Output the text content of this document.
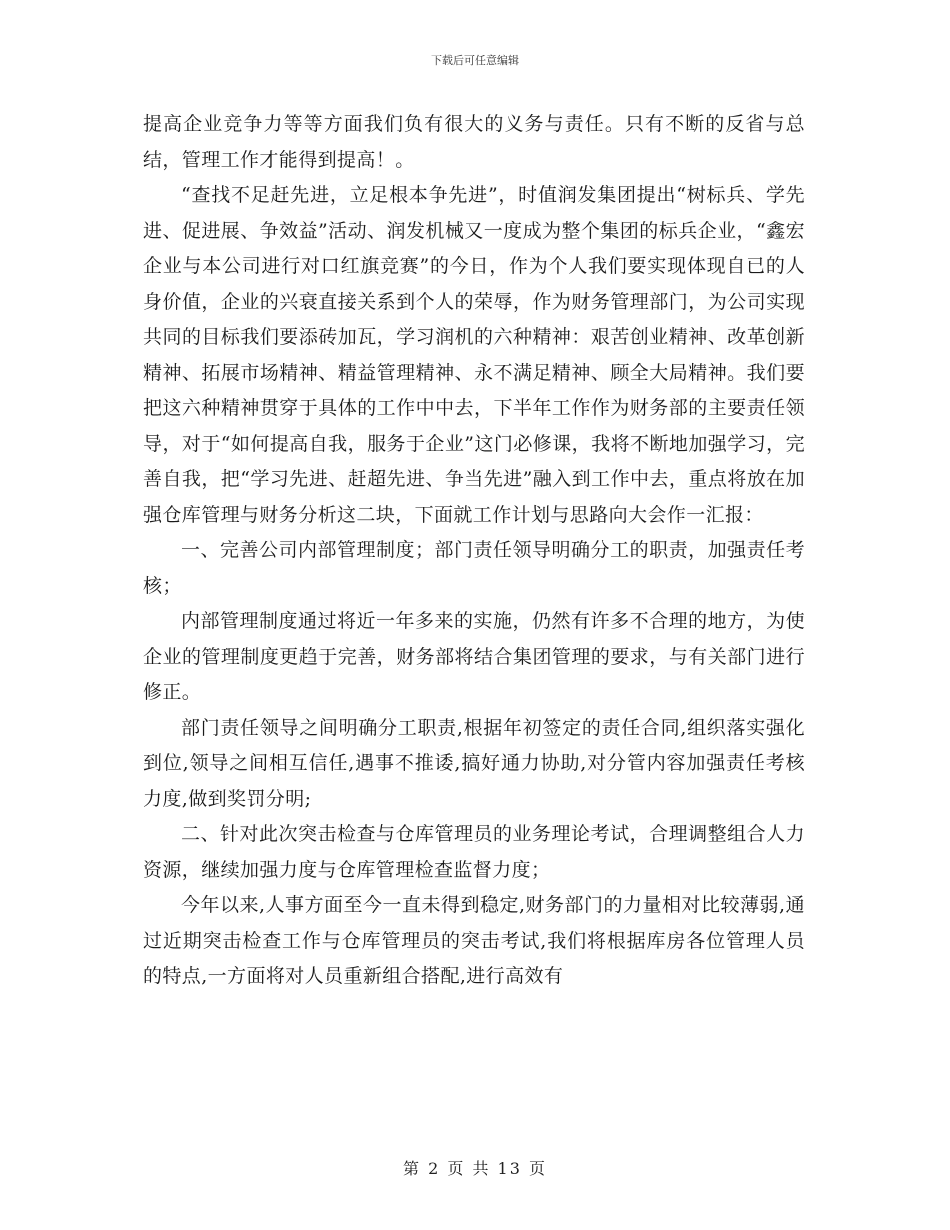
下载后可任意编辑

提高企业竞争力等等方面我们负有很大的义务与责任。只有不断的反省与总结，管理工作才能得到提高！。

“查找不足赶先进，立足根本争先进”，时值润发集团提出“树标兵、学先进、促进展、争效益”活动、润发机械又一度成为整个集团的标兵企业，“鑫宏企业与本公司进行对口红旗竞赛”的今日，作为个人我们要实现体现自已的人身价值，企业的兴衰直接关系到个人的荣辱，作为财务管理部门，为公司实现共同的目标我们要添砖加瓦，学习润机的六种精神：艰苦创业精神、改革创新精神、拓展市场精神、精益管理精神、永不满足精神、顾全大局精神。我们要把这六种精神贯穿于具体的工作中中去，下半年工作作为财务部的主要责任领导，对于“如何提高自我，服务于企业”这门必修课，我将不断地加强学习，完善自我，把“学习先进、赶超先进、争当先进”融入到工作中去，重点将放在加强仓库管理与财务分析这二块，下面就工作计划与思路向大会作一汇报：

一、完善公司内部管理制度；部门责任领导明确分工的职责，加强责任考核；

内部管理制度通过将近一年多来的实施，仍然有许多不合理的地方，为使企业的管理制度更趋于完善，财务部将结合集团管理的要求，与有关部门进行修正。

部门责任领导之间明确分工职责,根据年初签定的责任合同,组织落实强化到位,领导之间相互信任,遇事不推诿,搞好通力协助,对分管内容加强责任考核力度,做到奖罚分明;

二、针对此次突击检查与仓库管理员的业务理论考试，合理调整组合人力资源，继续加强力度与仓库管理检查监督力度；

今年以来,人事方面至今一直未得到稳定,财务部门的力量相对比较薄弱,通过近期突击检查工作与仓库管理员的突击考试,我们将根据库房各位管理人员的特点,一方面将对人员重新组合搭配,进行高效有

第 2 页 共 13 页
